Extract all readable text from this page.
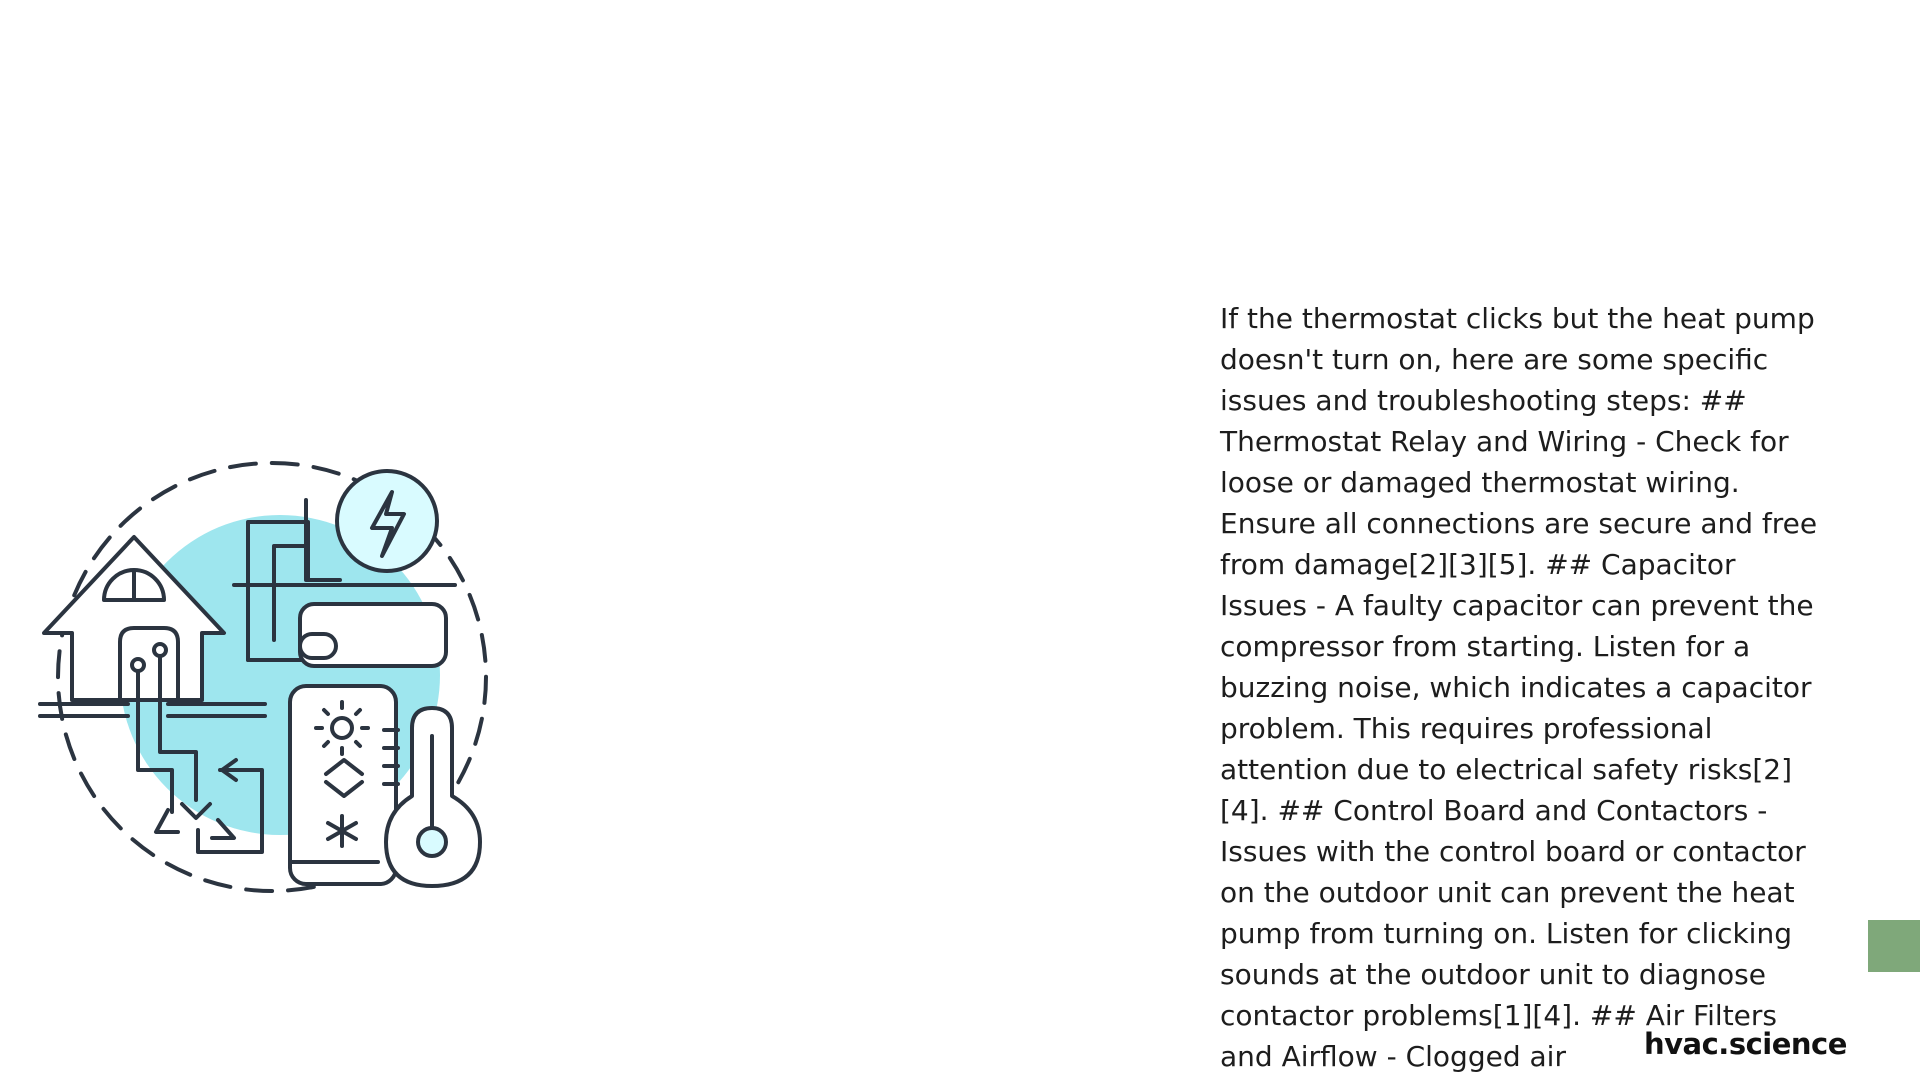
If the thermostat clicks but the heat pump doesn't turn on, here are some specific issues and troubleshooting steps: ## Thermostat Relay and Wiring - Check for loose or damaged thermostat wiring. Ensure all connections are secure and free from damage[2][3][5]. ## Capacitor Issues - A faulty capacitor can prevent the compressor from starting. Listen for a buzzing noise, which indicates a capacitor problem. This requires professional attention due to electrical safety risks[2][4]. ## Control Board and Contactors - Issues with the control board or contactor on the outdoor unit can prevent the heat pump from turning on. Listen for clicking sounds at the outdoor unit to diagnose contactor problems[1][4]. ## Air Filters and Airflow - Clogged air	hvac.science
